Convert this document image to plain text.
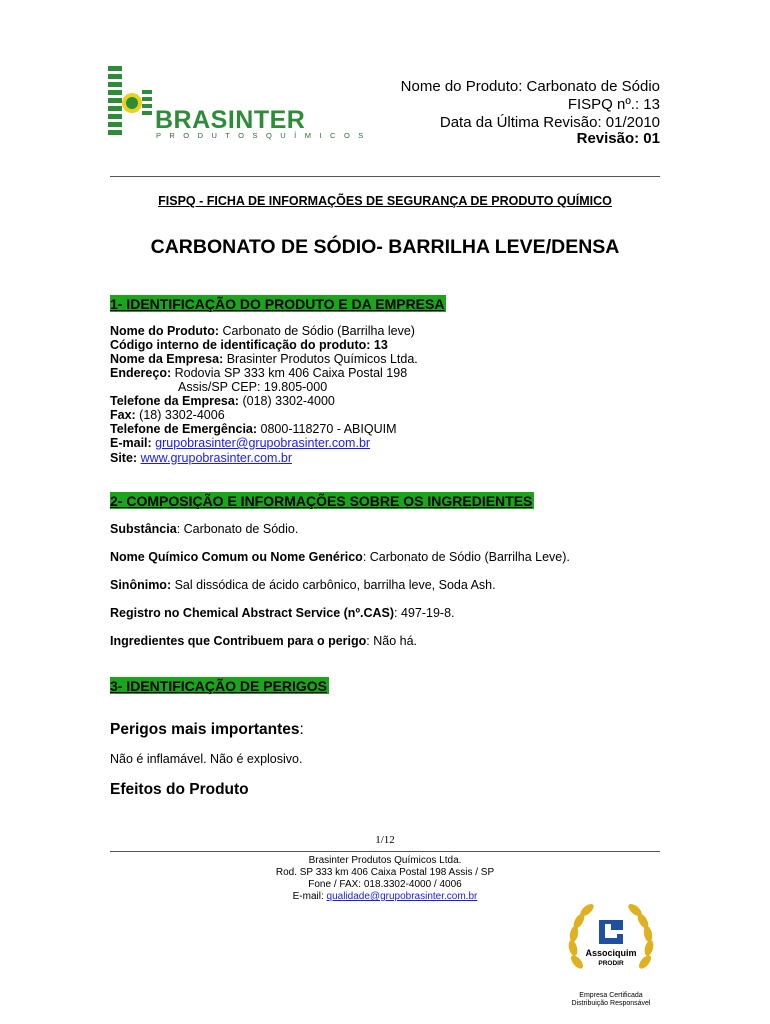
BRASINTER
P R O D U T O S Q U Í M I C O S
Nome do Produto: Carbonato de Sódio
FISPQ nº.: 13
Data da Última Revisão: 01/2010
Revisão: 01
FISPQ - FICHA DE INFORMAÇÕES DE SEGURANÇA DE PRODUTO QUÍMICO
CARBONATO DE SÓDIO- BARRILHA LEVE/DENSA
1- IDENTIFICAÇÃO DO PRODUTO E DA EMPRESA
Nome do Produto: Carbonato de Sódio (Barrilha leve)
Código interno de identificação do produto: 13
Nome da Empresa: Brasinter Produtos Químicos Ltda.
Endereço: Rodovia SP 333 km 406 Caixa Postal 198
Assis/SP CEP: 19.805-000
Telefone da Empresa: (018) 3302-4000
Fax: (18) 3302-4006
Telefone de Emergência: 0800-118270 - ABIQUIM
E-mail: grupobrasinter@grupobrasinter.com.br
Site: www.grupobrasinter.com.br
2- COMPOSIÇÃO E INFORMAÇÕES SOBRE OS INGREDIENTES
Substância: Carbonato de Sódio.
Nome Químico Comum ou Nome Genérico: Carbonato de Sódio (Barrilha Leve).
Sinônimo: Sal dissódica de ácido carbônico, barrilha leve, Soda Ash.
Registro no Chemical Abstract Service (nº.CAS): 497-19-8.
Ingredientes que Contribuem para o perigo: Não há.
3- IDENTIFICAÇÃO DE PERIGOS
Perigos mais importantes:
Não é inflamável. Não é explosivo.
Efeitos do Produto
1/12
Brasinter Produtos Químicos Ltda.
Rod. SP 333 km 406 Caixa Postal 198 Assis / SP
Fone / FAX: 018.3302-4000 / 4006
E-mail: qualidade@grupobrasinter.com.br
Associquim
PRODIR
Empresa Certificada
Distribuição Responsável
